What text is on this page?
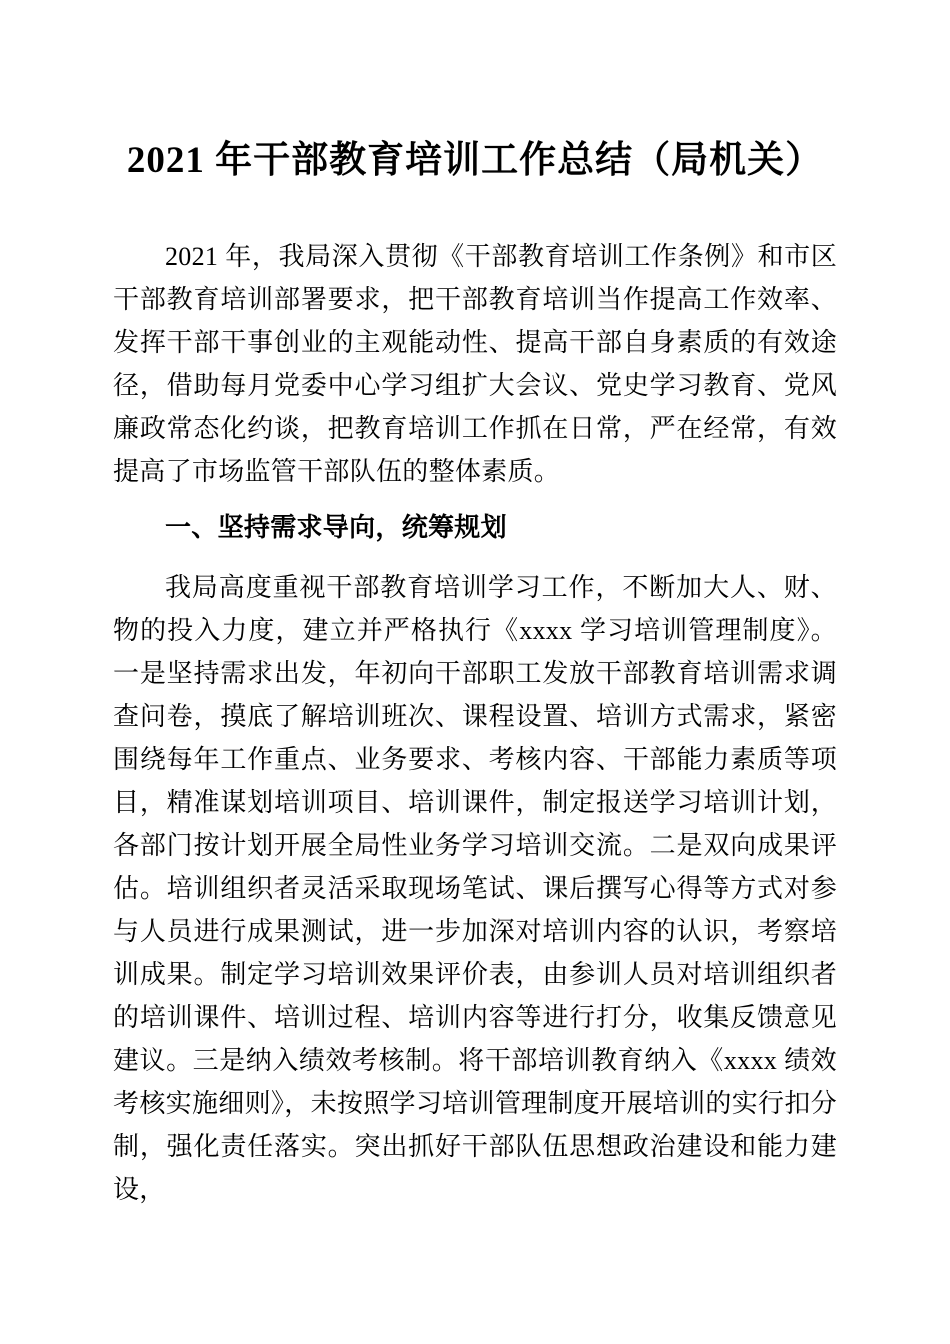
2021 年干部教育培训工作总结（局机关）

2021 年，我局深入贯彻《干部教育培训工作条例》和市区干部教育培训部署要求，把干部教育培训当作提高工作效率、发挥干部干事创业的主观能动性、提高干部自身素质的有效途径，借助每月党委中心学习组扩大会议、党史学习教育、党风廉政常态化约谈，把教育培训工作抓在日常，严在经常，有效提高了市场监管干部队伍的整体素质。

一、坚持需求导向，统筹规划

我局高度重视干部教育培训学习工作，不断加大人、财、物的投入力度，建立并严格执行《xxxx 学习培训管理制度》。一是坚持需求出发，年初向干部职工发放干部教育培训需求调查问卷，摸底了解培训班次、课程设置、培训方式需求，紧密围绕每年工作重点、业务要求、考核内容、干部能力素质等项目，精准谋划培训项目、培训课件，制定报送学习培训计划，各部门按计划开展全局性业务学习培训交流。二是双向成果评估。培训组织者灵活采取现场笔试、课后撰写心得等方式对参与人员进行成果测试，进一步加深对培训内容的认识，考察培训成果。制定学习培训效果评价表，由参训人员对培训组织者的培训课件、培训过程、培训内容等进行打分，收集反馈意见建议。三是纳入绩效考核制。将干部培训教育纳入《xxxx 绩效考核实施细则》，未按照学习培训管理制度开展培训的实行扣分制，强化责任落实。突出抓好干部队伍思想政治建设和能力建设，
